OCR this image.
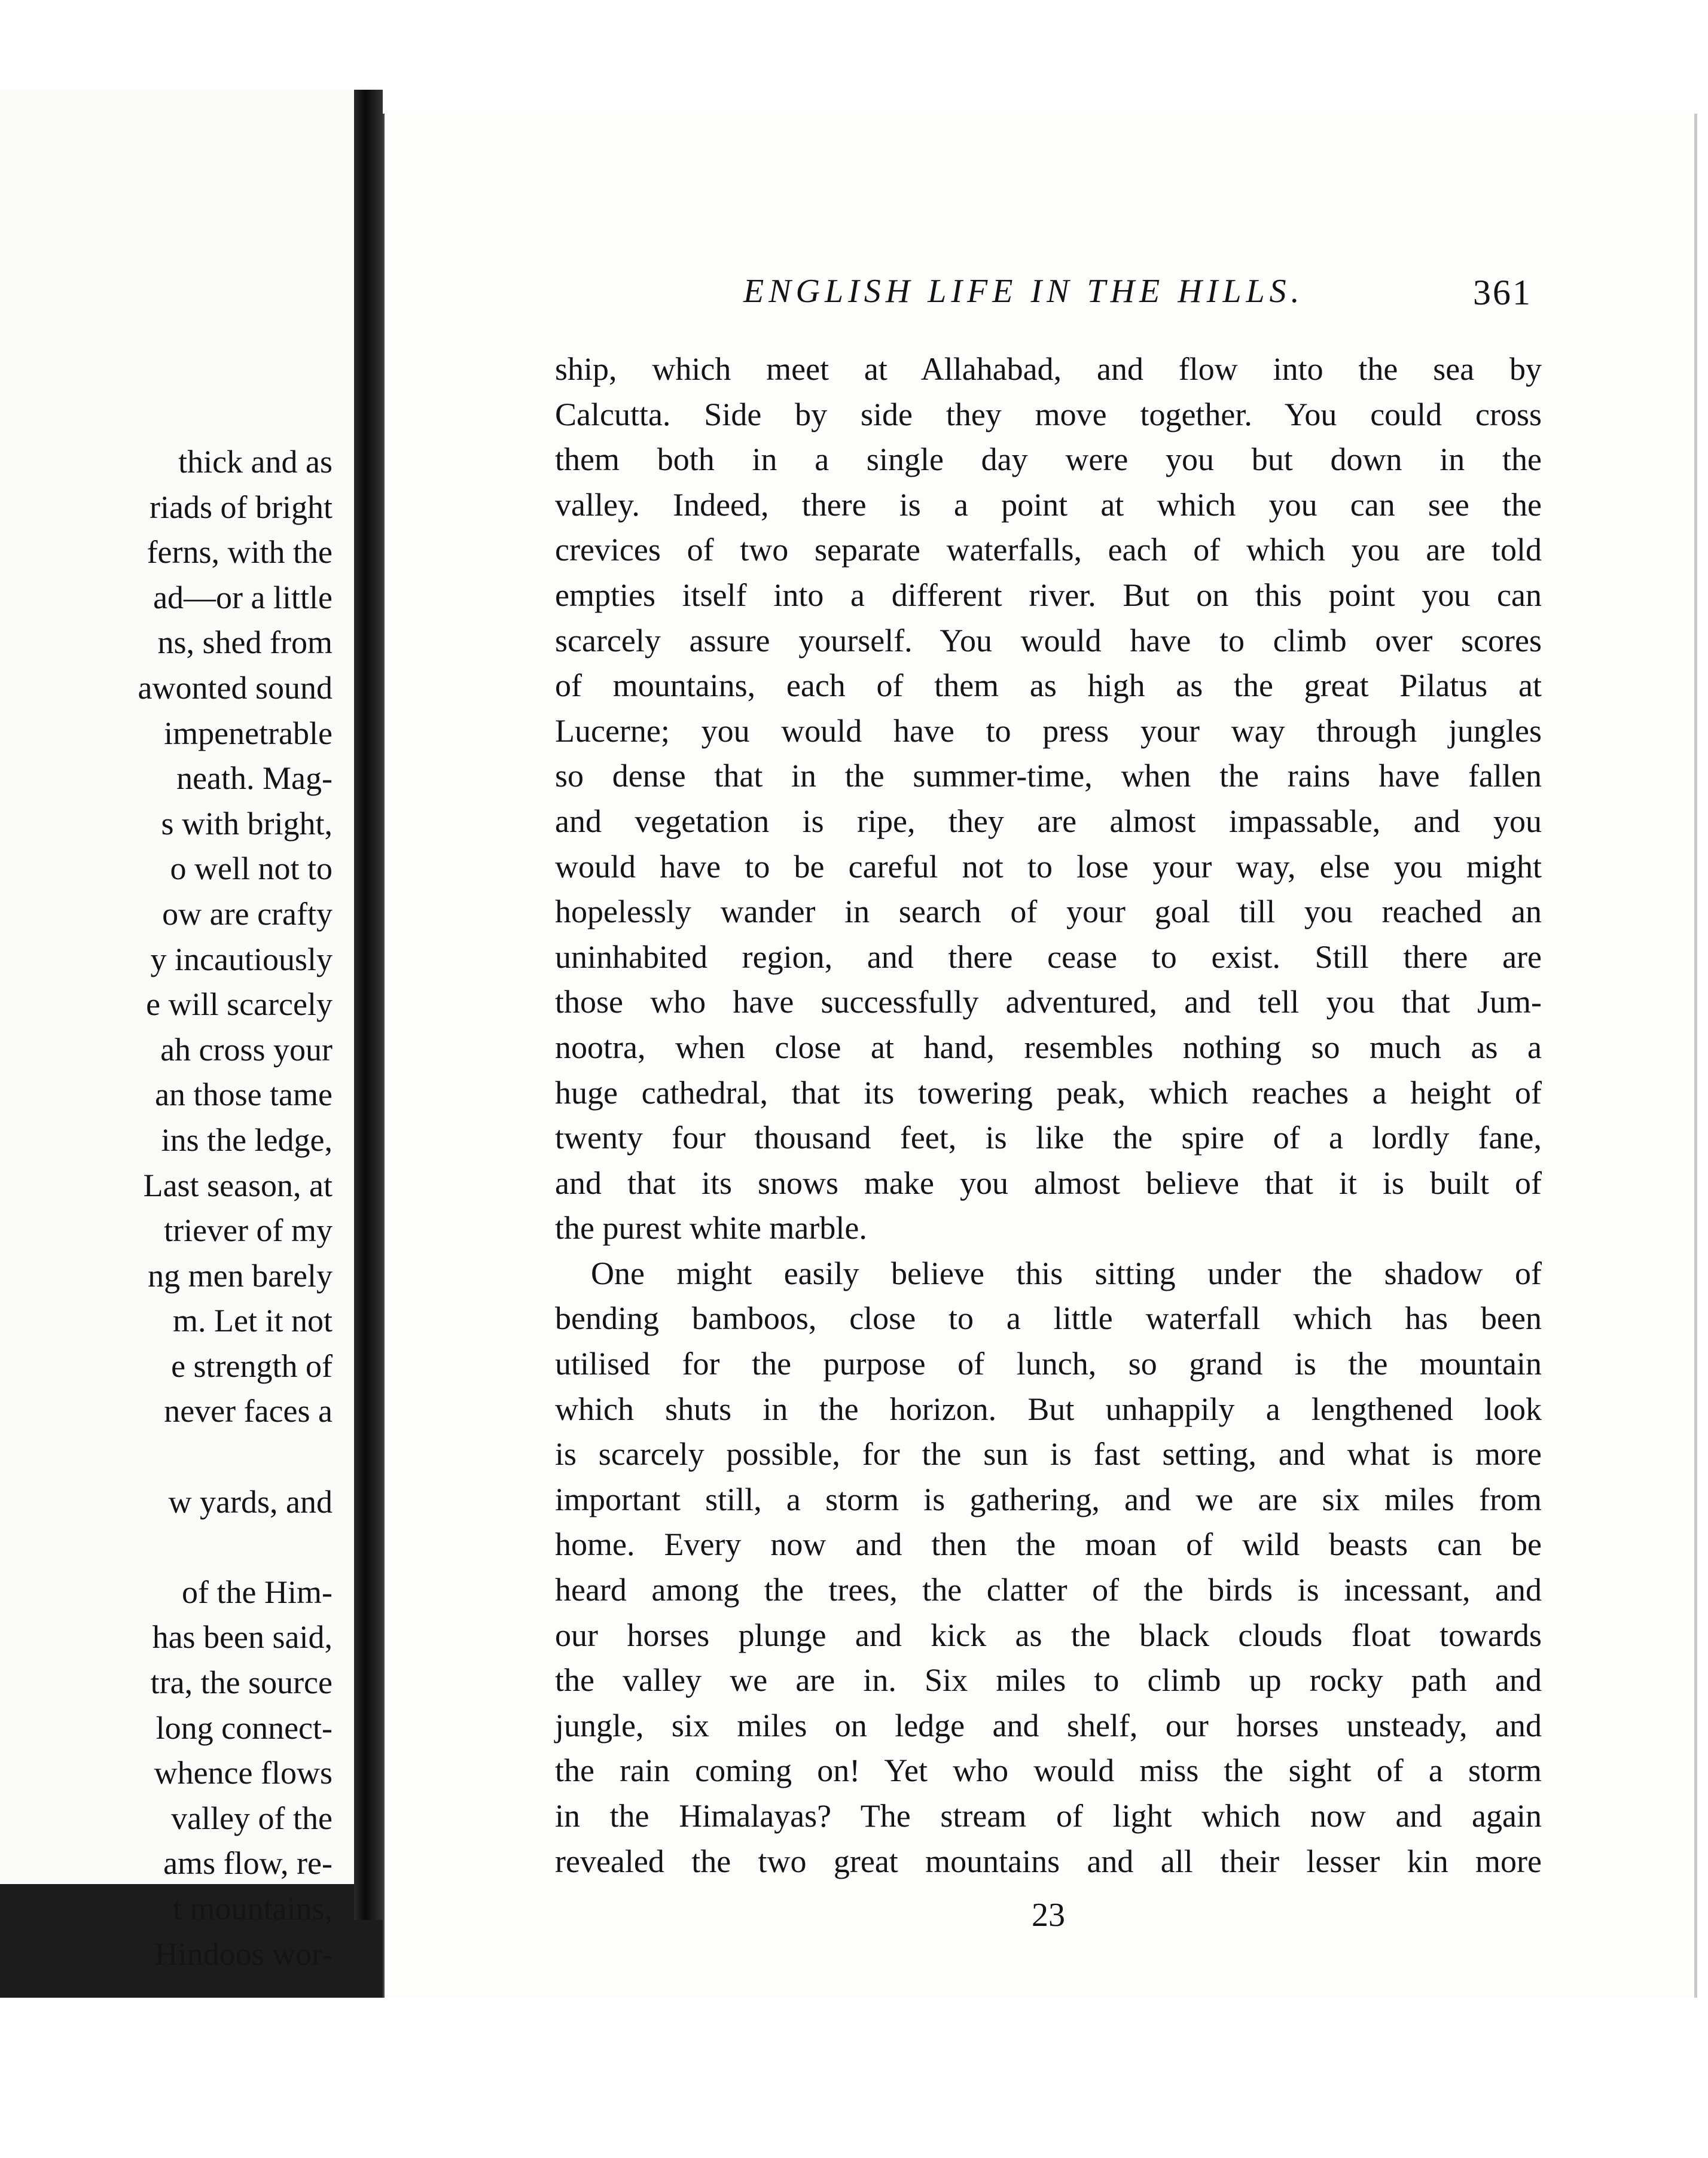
thick and as
riads of bright
ferns, with the
ad—or a little
ns, shed from
awonted sound
impenetrable
neath. Mag-
s with bright,
o well not to
ow are crafty
y incautiously
e will scarcely
ah cross your
an those tame
ins the ledge,
Last season, at
triever of my
ng men barely
m. Let it not
e strength of
never faces a
w yards, and
of the Him-
has been said,
tra, the source
long connect-
whence flows
valley of the
ams flow, re-
t mountains,
Hindoos wor-
ENGLISH LIFE IN THE HILLS.	361
ship, which meet at Allahabad, and flow into the sea by
Calcutta. Side by side they move together. You could cross
them both in a single day were you but down in the
valley. Indeed, there is a point at which you can see the
crevices of two separate waterfalls, each of which you are told
empties itself into a different river. But on this point you can
scarcely assure yourself. You would have to climb over scores
of mountains, each of them as high as the great Pilatus at
Lucerne; you would have to press your way through jungles
so dense that in the summer-time, when the rains have fallen
and vegetation is ripe, they are almost impassable, and you
would have to be careful not to lose your way, else you might
hopelessly wander in search of your goal till you reached an
uninhabited region, and there cease to exist. Still there are
those who have successfully adventured, and tell you that Jum-
nootra, when close at hand, resembles nothing so much as a
huge cathedral, that its towering peak, which reaches a height of
twenty four thousand feet, is like the spire of a lordly fane,
and that its snows make you almost believe that it is built of
the purest white marble.
One might easily believe this sitting under the shadow of
bending bamboos, close to a little waterfall which has been
utilised for the purpose of lunch, so grand is the mountain
which shuts in the horizon. But unhappily a lengthened look
is scarcely possible, for the sun is fast setting, and what is more
important still, a storm is gathering, and we are six miles from
home. Every now and then the moan of wild beasts can be
heard among the trees, the clatter of the birds is incessant, and
our horses plunge and kick as the black clouds float towards
the valley we are in. Six miles to climb up rocky path and
jungle, six miles on ledge and shelf, our horses unsteady, and
the rain coming on! Yet who would miss the sight of a storm
in the Himalayas? The stream of light which now and again
revealed the two great mountains and all their lesser kin more
23
